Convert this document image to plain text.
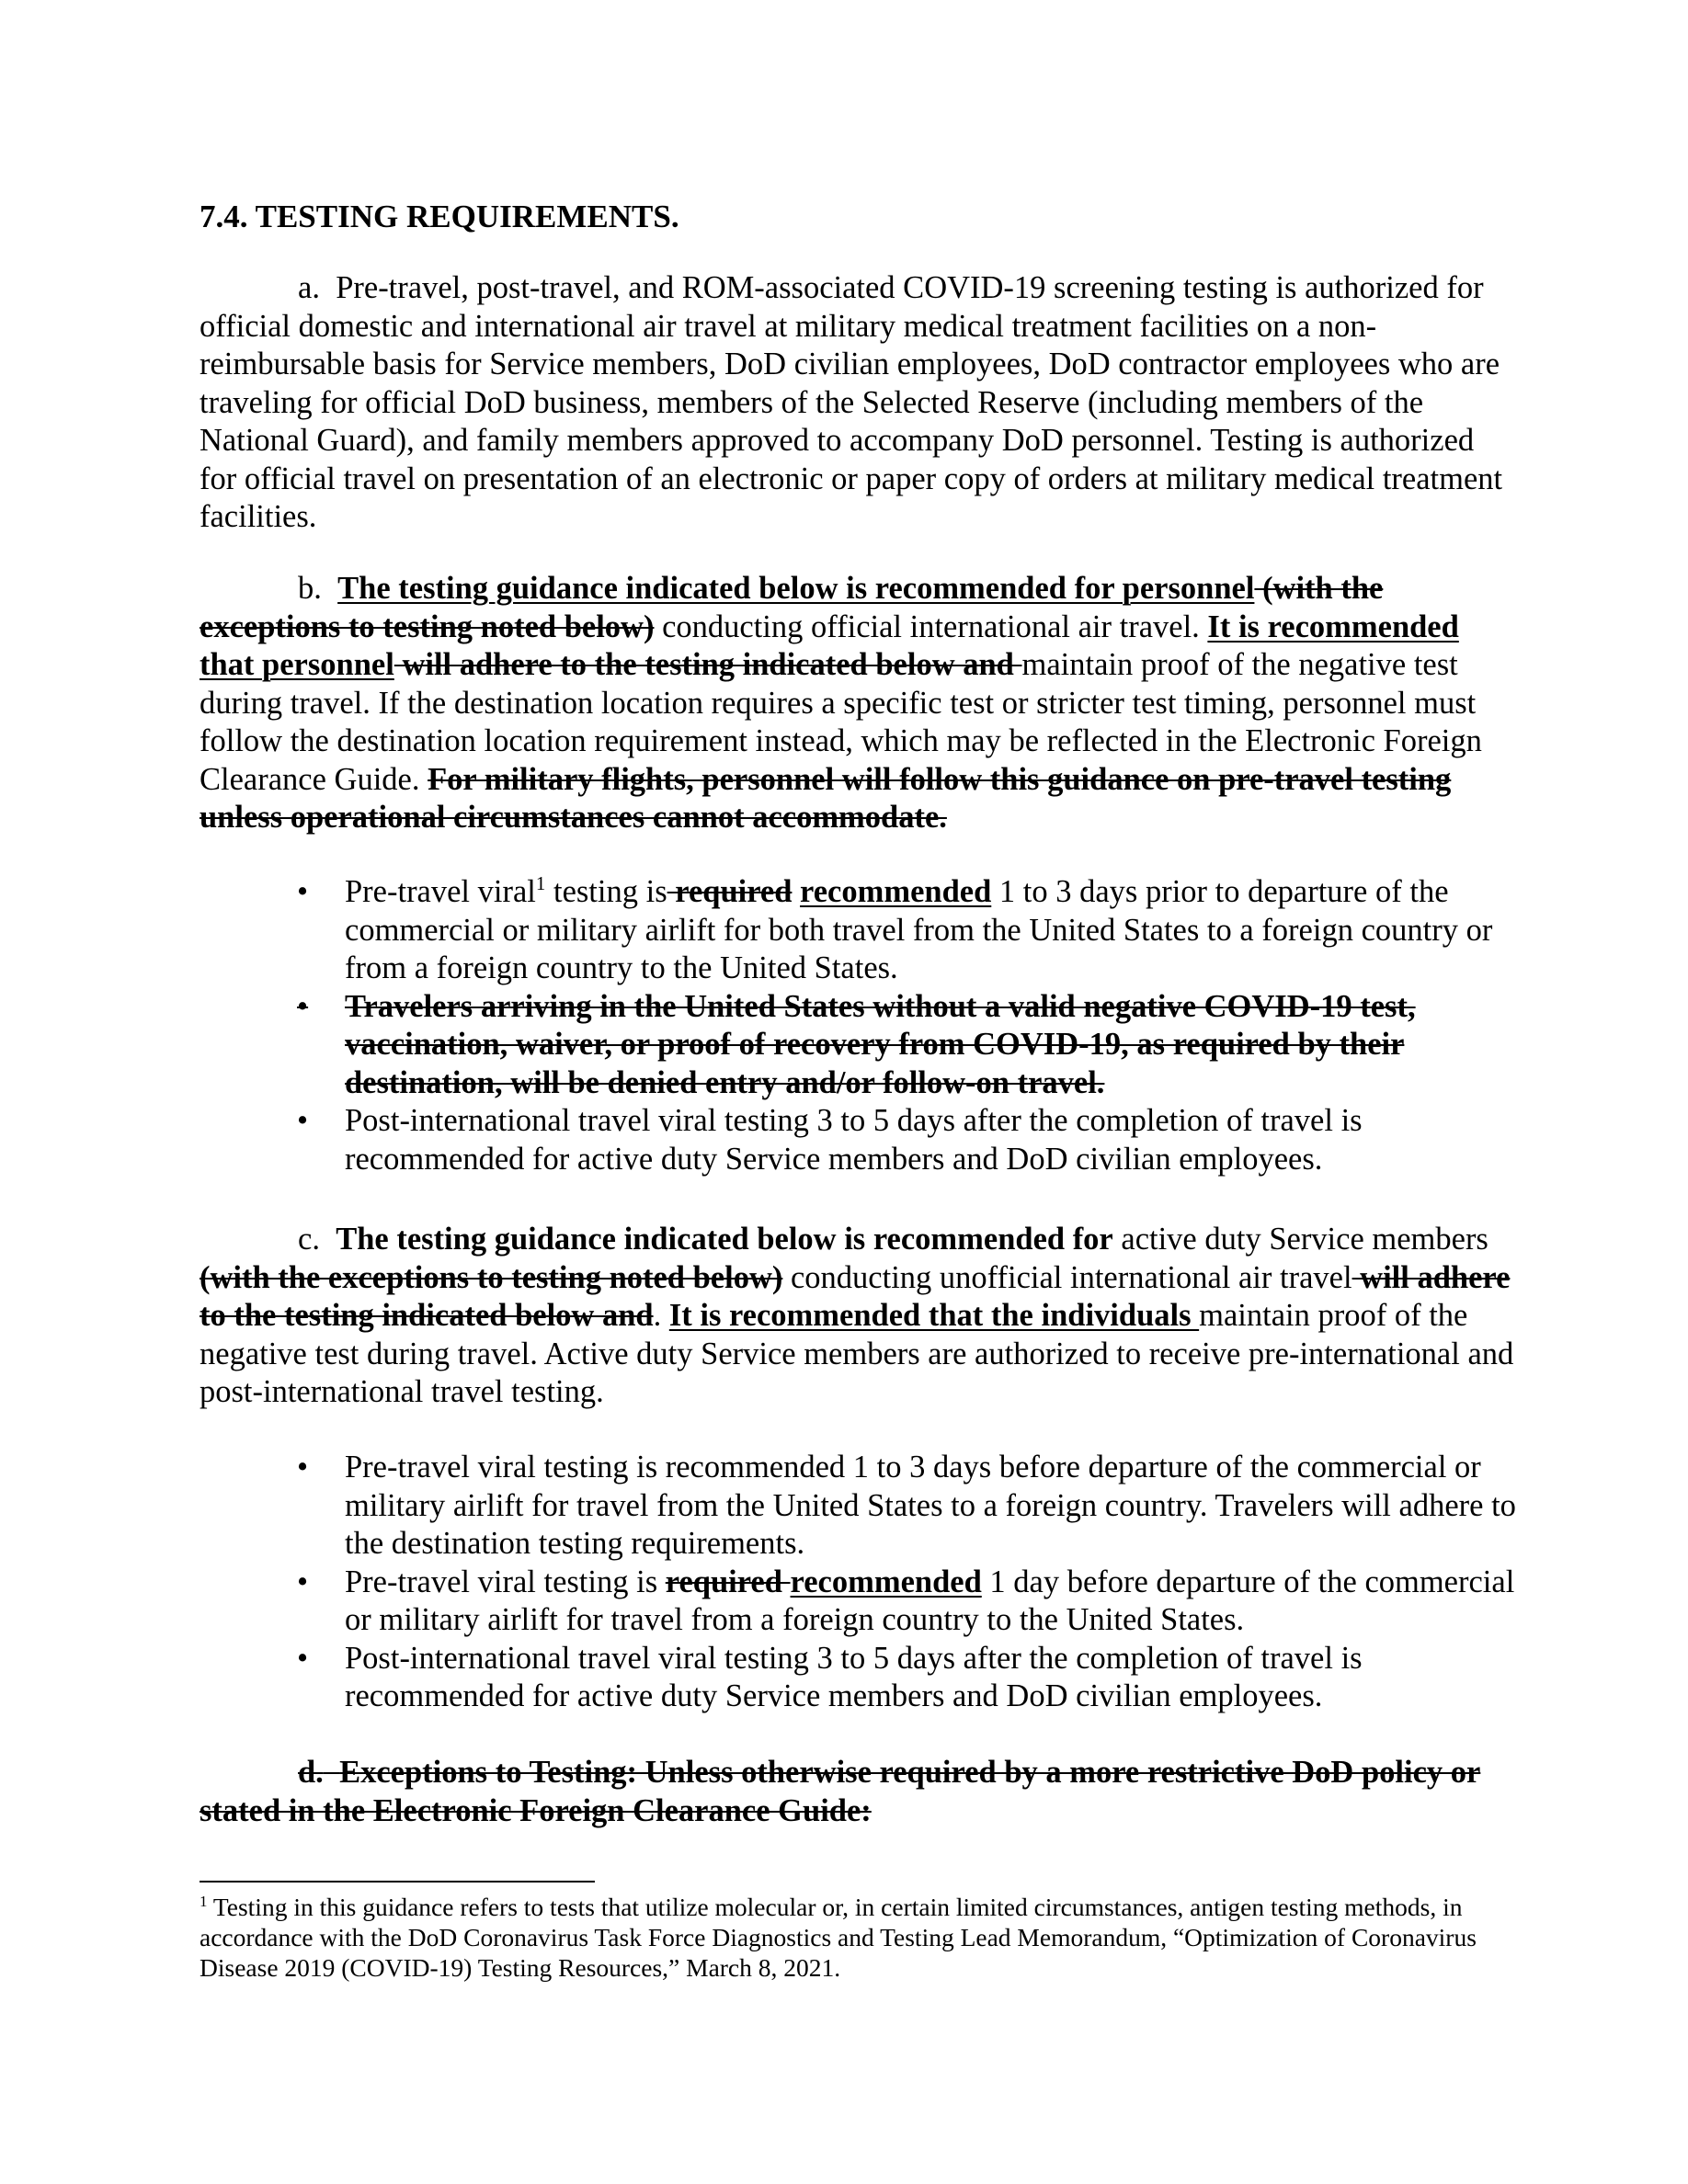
7.4. TESTING REQUIREMENTS.

a. Pre-travel, post-travel, and ROM-associated COVID-19 screening testing is authorized for official domestic and international air travel at military medical treatment facilities on a non-reimbursable basis for Service members, DoD civilian employees, DoD contractor employees who are traveling for official DoD business, members of the Selected Reserve (including members of the National Guard), and family members approved to accompany DoD personnel. Testing is authorized for official travel on presentation of an electronic or paper copy of orders at military medical treatment facilities.

b. The testing guidance indicated below is recommended for personnel (with the exceptions to testing noted below) conducting official international air travel. It is recommended that personnel will adhere to the testing indicated below and maintain proof of the negative test during travel. If the destination location requires a specific test or stricter test timing, personnel must follow the destination location requirement instead, which may be reflected in the Electronic Foreign Clearance Guide. For military flights, personnel will follow this guidance on pre-travel testing unless operational circumstances cannot accommodate.

•	Pre-travel viral$^1$ testing is required recommended 1 to 3 days prior to departure of the commercial or military airlift for both travel from the United States to a foreign country or from a foreign country to the United States.
•	Travelers arriving in the United States without a valid negative COVID-19 test, vaccination, waiver, or proof of recovery from COVID-19, as required by their destination, will be denied entry and/or follow-on travel.
•	Post-international travel viral testing 3 to 5 days after the completion of travel is recommended for active duty Service members and DoD civilian employees.

c. The testing guidance indicated below is recommended for active duty Service members (with the exceptions to testing noted below) conducting unofficial international air travel will adhere to the testing indicated below and. It is recommended that the individuals maintain proof of the negative test during travel. Active duty Service members are authorized to receive pre-international and post-international travel testing.

•	Pre-travel viral testing is recommended 1 to 3 days before departure of the commercial or military airlift for travel from the United States to a foreign country. Travelers will adhere to the destination testing requirements.
•	Pre-travel viral testing is required recommended 1 day before departure of the commercial or military airlift for travel from a foreign country to the United States.
•	Post-international travel viral testing 3 to 5 days after the completion of travel is recommended for active duty Service members and DoD civilian employees.

d. Exceptions to Testing: Unless otherwise required by a more restrictive DoD policy or stated in the Electronic Foreign Clearance Guide:

$^1$ Testing in this guidance refers to tests that utilize molecular or, in certain limited circumstances, antigen testing methods, in accordance with the DoD Coronavirus Task Force Diagnostics and Testing Lead Memorandum, “Optimization of Coronavirus Disease 2019 (COVID-19) Testing Resources,” March 8, 2021.
